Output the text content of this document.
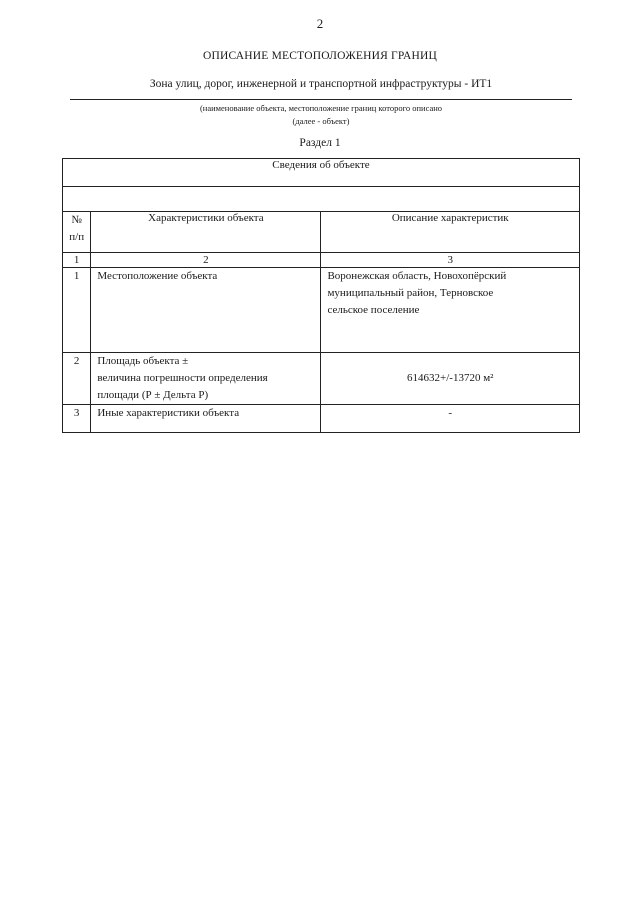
2
ОПИСАНИЕ МЕСТОПОЛОЖЕНИЯ ГРАНИЦ
Зона улиц, дорог, инженерной и транспортной инфраструктуры - ИТ1
(наименование объекта, местоположение границ которого описано
(далее - объект)
Раздел 1
Сведения об объекте		

№
п/п	Характеристики объекта	Описание характеристик
1	2	3
1	Местоположение объекта	Воронежская область, Новохопёрский
муниципальный район, Терновское
сельское поселение

2	Площадь объекта ±
величина погрешности определения
площади (Р ± Дельта Р)	614632+/-13720 м²
3	Иные характеристики объекта	-
